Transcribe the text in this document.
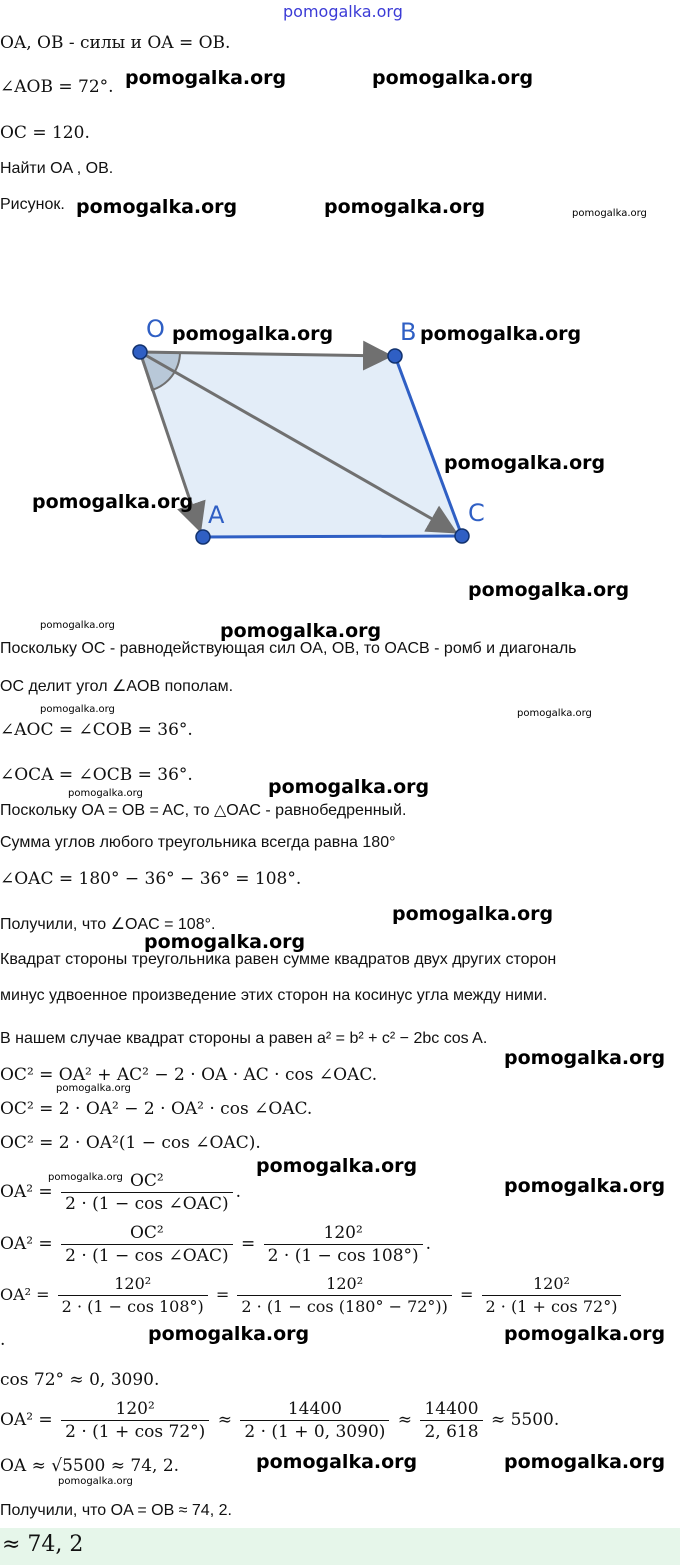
pomogalka.org
OA, OB - силы и OA = OB.
∠AOB = 72°.
OC = 120.
Найти OA , OB.
Рисунок.
O	B
A	C
Поскольку OC - равнодействующая сил OA, OB, то OACB - ромб и диагональ
OC делит угол ∠AOB пополам.
∠AOC = ∠COB = 36°.
∠OCA = ∠OCB = 36°.
Поскольку OA = OB = AC, то △OAC - равнобедренный.
Сумма углов любого треугольника всегда равна 180°
∠OAC = 180° − 36° − 36° = 108°.
Получили, что ∠OAC = 108°.
Квадрат стороны треугольника равен сумме квадратов двух других сторон
минус удвоенное произведение этих сторон на косинус угла между ними.
В нашем случае квадрат стороны a равен a² = b² + c² − 2bc cos A.
OC² = OA² + AC² − 2 · OA · AC · cos ∠OAC.
OC² = 2 · OA² − 2 · OA² · cos ∠OAC.
OC² = 2 · OA²(1 − cos ∠OAC).
$OA^2 = \frac{\text{OC²}}{\text{2 · (1 − cos ∠OAC)}}$ .
$OA^2 = \frac{\text{OC²}}{\text{2 · (1 − cos ∠OAC)}} = \frac{\text{120²}}{2 \cdot (1 - \cos 108^\circ)}$ .
$OA^2 = \frac{\text{120²}}{2 \cdot (1 - \cos 108^\circ)} = \frac{\text{120²}}{2 \cdot (1 - \cos (180^\circ - 72^\circ))} = \frac{\text{120²}}{2 \cdot (1 + \cos 72^\circ)}$
.
cos 72° ≈ 0, 3090.
$OA^2 = \frac{\text{120²}}{2 \cdot (1 + \cos 72^\circ)} \approx \frac{14400}{2 \cdot (1 + 0, 3090)} \approx \frac{14400}{2, 618} \approx 5500$.
OA ≈ √5500 ≈ 74, 2.
Получили, что OA = OB ≈ 74, 2.
≈ 74, 2
pomogalka.org	pomogalka.org
pomogalka.org	pomogalka.org	pomogalka.org
pomogalka.org	pomogalka.org
pomogalka.org
pomogalka.org
pomogalka.org
pomogalka.org	pomogalka.org
pomogalka.org	pomogalka.org
pomogalka.org
pomogalka.org
pomogalka.org
pomogalka.org
pomogalka.org
pomogalka.org
pomogalka.org
pomogalka.org	pomogalka.org
pomogalka.org	pomogalka.org
pomogalka.org	pomogalka.org
pomogalka.org
